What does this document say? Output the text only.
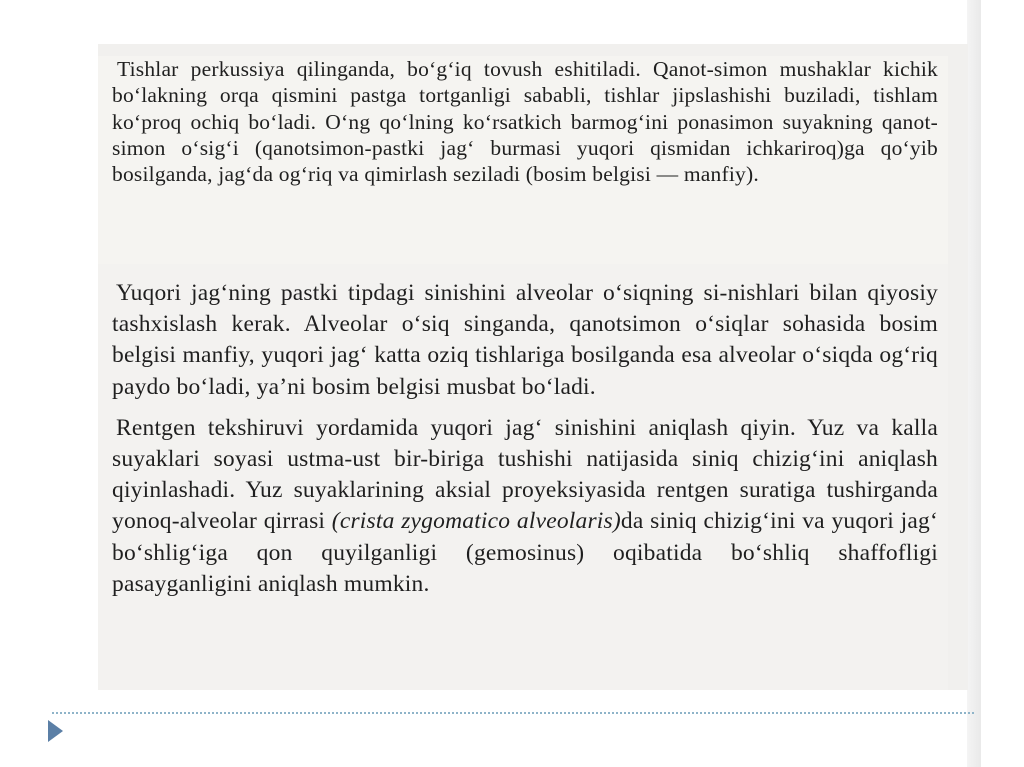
Tishlar perkussiya qilinganda, bo‘g‘iq tovush eshitiladi. Qanot-simon mushaklar kichik bo‘lakning orqa qismini pastga tortganligi sababli, tishlar jipslashishi buziladi, tishlam ko‘proq ochiq bo‘ladi. O‘ng qo‘lning ko‘rsatkich barmog‘ini ponasimon suyakning qanot-simon o‘sig‘i (qanotsimon-pastki jag‘ burmasi yuqori qismidan ichkariroq)ga qo‘yib bosilganda, jag‘da og‘riq va qimirlash seziladi (bosim belgisi — manfiy).

Yuqori jag‘ning pastki tipdagi sinishini alveolar o‘siqning si-nishlari bilan qiyosiy tashxislash kerak. Alveolar o‘siq singanda, qanotsimon o‘siqlar sohasida bosim belgisi manfiy, yuqori jag‘ katta oziq tishlariga bosilganda esa alveolar o‘siqda og‘riq paydo bo‘ladi, ya’ni bosim belgisi musbat bo‘ladi.

Rentgen tekshiruvi yordamida yuqori jag‘ sinishini aniqlash qiyin. Yuz va kalla suyaklari soyasi ustma-ust bir-biriga tushishi natijasida siniq chizig‘ini aniqlash qiyinlashadi. Yuz suyaklarining aksial proyeksiyasida rentgen suratiga tushirganda yonoq-alveolar qirrasi (crista zygomatico alveolaris)da siniq chizig‘ini va yuqori jag‘ bo‘shlig‘iga qon quyilganligi (gemosinus) oqibatida bo‘shliq shaffofligi pasayganligini aniqlash mumkin.
